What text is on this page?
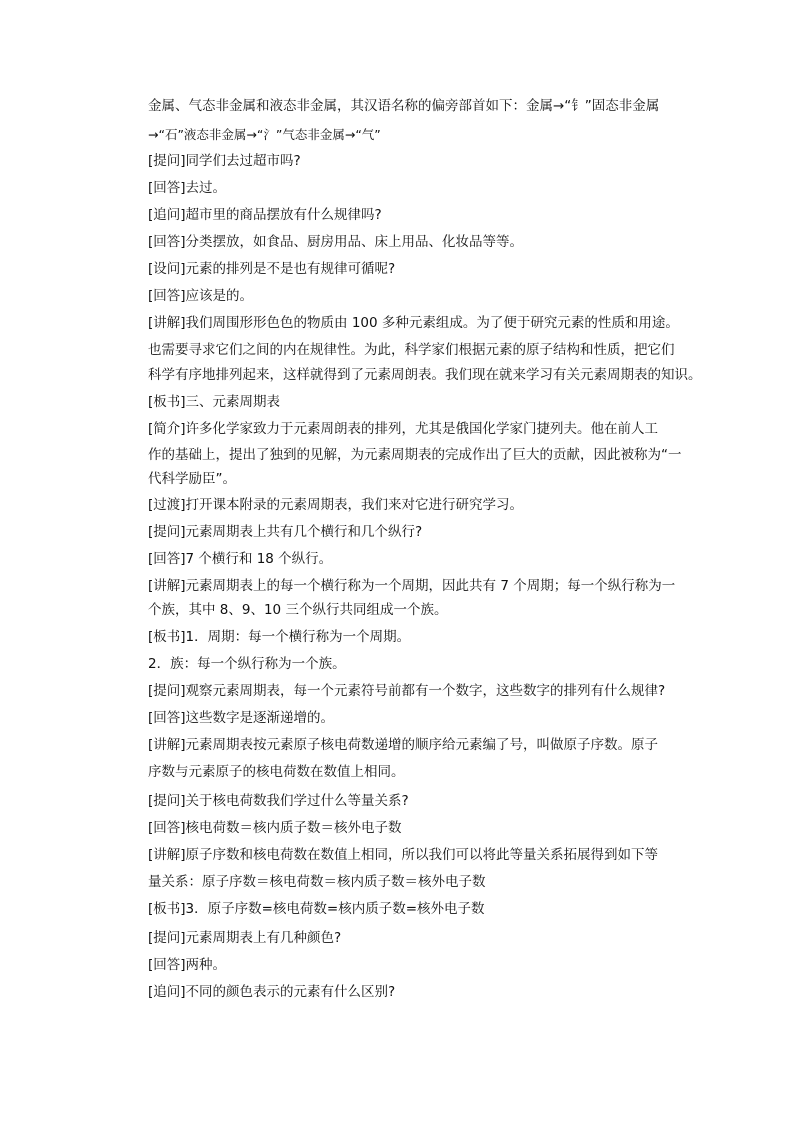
金属、气态非金属和液态非金属，其汉语名称的偏旁部首如下：金属→“钅”固态非金属
→“石”液态非金属→“氵”气态非金属→“气”
[提问]同学们去过超市吗?
[回答]去过。
[追问]超市里的商品摆放有什么规律吗?
[回答]分类摆放，如食品、厨房用品、床上用品、化妆品等等。
[设问]元素的排列是不是也有规律可循呢?
[回答]应该是的。
[讲解]我们周围形形色色的物质由 100 多种元素组成。为了便于研究元素的性质和用途。
也需要寻求它们之间的内在规律性。为此，科学家们根据元素的原子结构和性质，把它们
科学有序地排列起来，这样就得到了元素周朗表。我们现在就来学习有关元素周期表的知识。
[板书]三、元素周期表
[简介]许多化学家致力于元素周朗表的排列，尤其是俄国化学家门捷列夫。他在前人工
作的基础上，提出了独到的见解，为元素周期表的完成作出了巨大的贡献，因此被称为“一
代科学励臣”。
[过渡]打开课本附录的元素周期表，我们来对它进行研究学习。
[提问]元素周期表上共有几个横行和几个纵行?
[回答]7 个横行和 18 个纵行。
[讲解]元素周期表上的每一个横行称为一个周期，因此共有 7 个周期；每一个纵行称为一
个族，其中 8、9、10 三个纵行共同组成一个族。
[板书]1．周期：每一个横行称为一个周期。
2．族：每一个纵行称为一个族。
[提问]观察元素周期表，每一个元素符号前都有一个数字，这些数字的排列有什么规律?
[回答]这些数字是逐渐递增的。
[讲解]元素周期表按元素原子核电荷数递增的顺序给元素编了号，叫做原子序数。原子
序数与元素原子的核电荷数在数值上相同。
[提问]关于核电荷数我们学过什么等量关系?
[回答]核电荷数＝核内质子数＝核外电子数
[讲解]原子序数和核电荷数在数值上相同，所以我们可以将此等量关系拓展得到如下等
量关系：原子序数＝核电荷数＝核内质子数＝核外电子数
[板书]3．原子序数=核电荷数=核内质子数=核外电子数
[提问]元素周期表上有几种颜色?
[回答]两种。
[追问]不同的颜色表示的元素有什么区别?
